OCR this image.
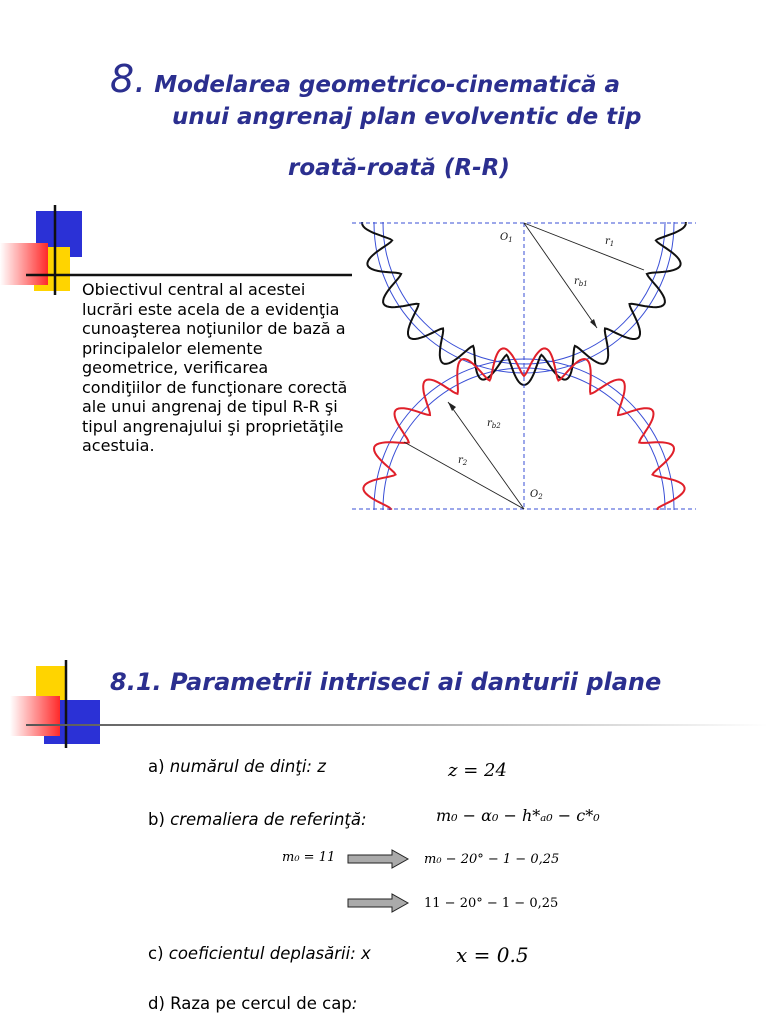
8. Modelarea geometrico-cinematică a
unui angrenaj plan evolventic de tip
roată-roată (R-R)
Obiectivul central al acestei lucrări este acela de a evidenţia cunoaşterea noţiunilor de bază a principalelor elemente geometrice, verificarea condiţiilor de funcţionare corectă ale unui angrenaj de tipul R-R şi tipul angrenajului şi proprietăţile acestuia.
$O_1$	$r_1$
$r_{b1}$
$r_{b2}$
$r_2$
$O_2$
8.1. Parametrii intriseci ai danturii plane
a) numărul de dinţi: z	z = 24
b) cremaliera de referinţă:	m₀ − α₀ − h*ₐ₀ − c*₀
m₀ = 11	m₀ − 20° − 1 − 0,25
11 − 20° − 1 − 0,25
c) coeficientul deplasării: x	x = 0.5
d) Raza pe cercul de cap:
